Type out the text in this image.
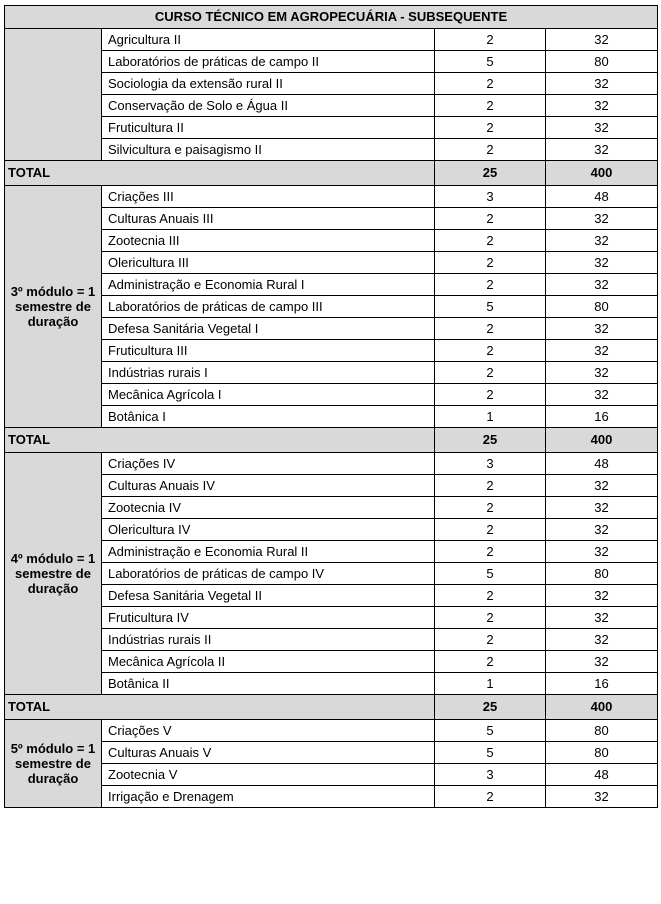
CURSO TÉCNICO EM AGROPECUÁRIA - SUBSEQUENTE			
	Agricultura II	2	32
	Laboratórios de práticas de campo II	5	80
	Sociologia da extensão rural II	2	32
	Conservação de Solo e Água II	2	32
	Fruticultura II	2	32
	Silvicultura e paisagismo II	2	32
TOTAL		25	400
3º módulo = 1 semestre de duração	Criações III	3	48
	Culturas Anuais III	2	32
	Zootecnia III	2	32
	Olericultura III	2	32
	Administração e Economia Rural I	2	32
	Laboratórios de práticas de campo III	5	80
	Defesa Sanitária Vegetal I	2	32
	Fruticultura III	2	32
	Indústrias rurais I	2	32
	Mecânica Agrícola I	2	32
	Botânica I	1	16
TOTAL		25	400
4º módulo = 1 semestre de duração	Criações IV	3	48
	Culturas Anuais IV	2	32
	Zootecnia IV	2	32
	Olericultura IV	2	32
	Administração e Economia Rural II	2	32
	Laboratórios de práticas de campo IV	5	80
	Defesa Sanitária Vegetal II	2	32
	Fruticultura IV	2	32
	Indústrias rurais II	2	32
	Mecânica Agrícola II	2	32
	Botânica II	1	16
TOTAL		25	400
5º módulo = 1 semestre de duração	Criações V	5	80
	Culturas Anuais V	5	80
	Zootecnia V	3	48
	Irrigação e Drenagem	2	32
